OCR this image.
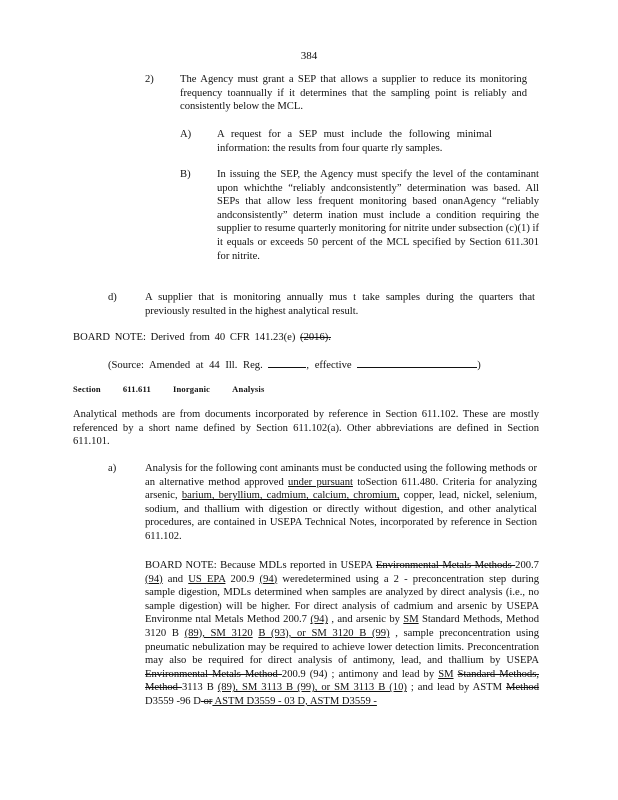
384
2)	The Agency must grant a SEP that allows a supplier to reduce its monitoring frequency toannually if it determines that the sampling point is reliably and consistently below the MCL.
A)	A request for a SEP must include the following minimal information: the results from four quarte rly samples.
B)	In issuing the SEP, the Agency must specify the level of the contaminant upon whichthe “reliably andconsistently” determination was based. All SEPs that allow less frequent monitoring based onanAgency “reliably andconsistently” determ ination must include a condition requiring the supplier to resume quarterly monitoring for nitrite under subsection (c)(1) if it equals or exceeds 50 percent of the MCL specified by Section 611.301 for nitrite.
d)	A supplier that is monitoring annually mus t take samples during the quarters that previously resulted in the highest analytical result.
BOARD NOTE: Derived from 40 CFR 141.23(e) (2016).
(Source: Amended at 44 Ill. Reg.	, effective	)
Section	611.611	Inorganic	Analysis
Analytical methods are from documents incorporated by reference in Section 611.102. These are mostly referenced by a short name defined by Section 611.102(a). Other abbreviations are defined in Section 611.101.
a)	Analysis for the following cont aminants must be conducted using the following methods or an alternative method approved under pursuant toSection 611.480. Criteria for analyzing arsenic, barium, beryllium, cadmium, calcium, chromium, copper, lead, nickel, selenium, sodium, and thallium with digestion or directly without digestion, and other analytical procedures, are contained in USEPA Technical Notes, incorporated by reference in Section 611.102.
BOARD NOTE: Because MDLs reported in USEPA Environmental Metals Methods 200.7 (94) and US EPA 200.9 (94) weredetermined using a 2 - preconcentration step during sample digestion, MDLs determined when samples are analyzed by direct analysis (i.e., no sample digestion) will be higher. For direct analysis of cadmium and arsenic by USEPA Environme ntal Metals Method 200.7 (94) , and arsenic by SM Standard Methods, Method 3120 B (89), SM 3120 B (93), or SM 3120 B (99) , sample preconcentration using pneumatic nebulization may be required to achieve lower detection limits. Preconcentration may also be required for direct analysis of antimony, lead, and thallium by USEPA Environmental Metals Method 200.9 (94) ; antimony and lead by SM Standard Methods, Method 3113 B (89), SM 3113 B (99), or SM 3113 B (10) ; and lead by ASTM Method D3559 -96 D or ASTM D3559 - 03 D, ASTM D3559 -
